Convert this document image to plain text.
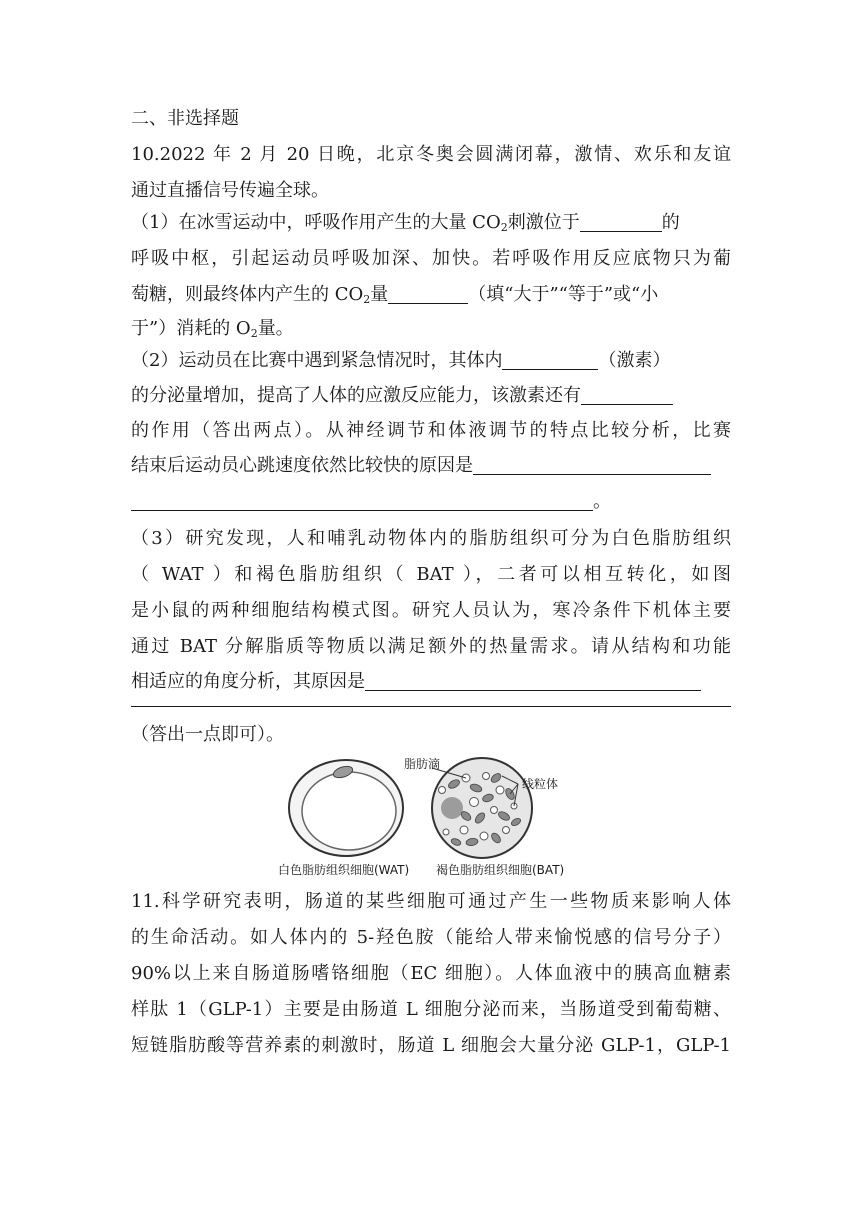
二、非选择题
10.2022 年 2 月 20 日晚，北京冬奥会圆满闭幕，激情、欢乐和友谊
通过直播信号传遍全球。
（1）在冰雪运动中，呼吸作用产生的大量 $CO_2$刺激位于	的
呼吸中枢，引起运动员呼吸加深、加快。若呼吸作用反应底物只为葡
萄糖，则最终体内产生的 $CO_2$量	（填“大于”“等于”或“小
于”）消耗的 $O_2$量。
（2）运动员在比赛中遇到紧急情况时，其体内	（激素）
的分泌量增加，提高了人体的应激反应能力，该激素还有
的作用（答出两点）。从神经调节和体液调节的特点比较分析，比赛
结束后运动员心跳速度依然比较快的原因是
。
（3）研究发现，人和哺乳动物体内的脂肪组织可分为白色脂肪组织
（ WAT ）和褐色脂肪组织（ BAT ），二者可以相互转化，如图
是小鼠的两种细胞结构模式图。研究人员认为，寒冷条件下机体主要
通过 BAT 分解脂质等物质以满足额外的热量需求。请从结构和功能
相适应的角度分析，其原因是
（答出一点即可）。
脂肪滴
线粒体
白色脂肪组织细胞(WAT) 褐色脂肪组织细胞(BAT)
11.科学研究表明，肠道的某些细胞可通过产生一些物质来影响人体
的生命活动。如人体内的 5-羟色胺（能给人带来愉悦感的信号分子）
90%以上来自肠道肠嗜铬细胞（EC 细胞）。人体血液中的胰高血糖素
样肽 1（GLP-1）主要是由肠道 L 细胞分泌而来，当肠道受到葡萄糖、
短链脂肪酸等营养素的刺激时，肠道 L 细胞会大量分泌 GLP-1，GLP-1
